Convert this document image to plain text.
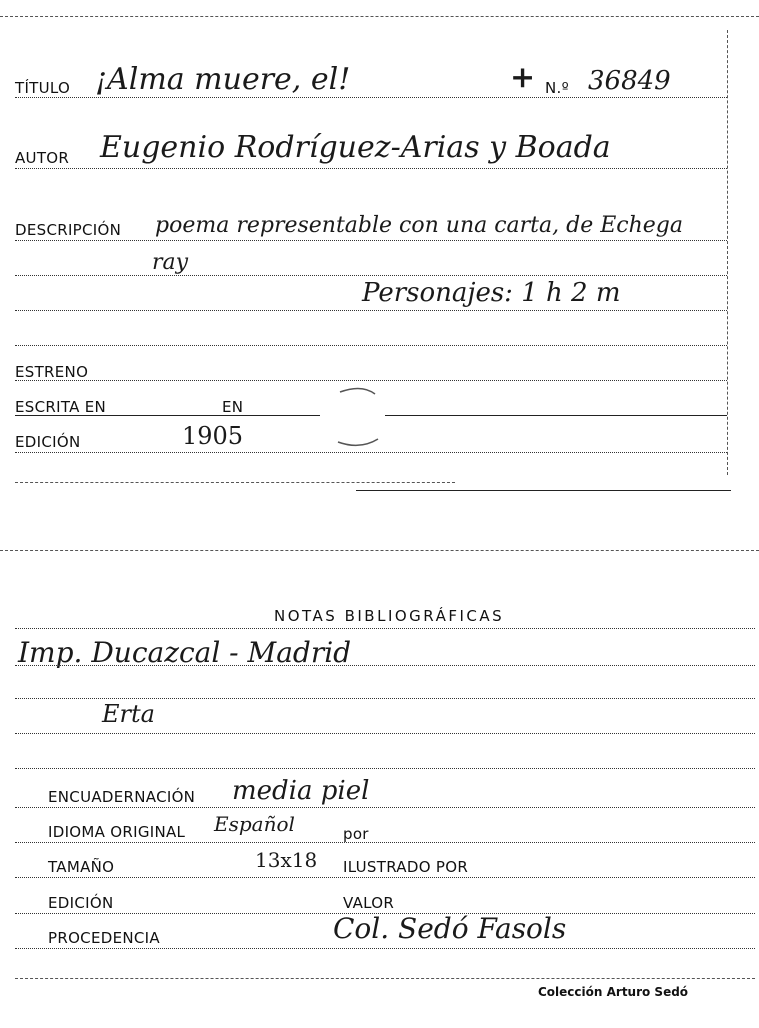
TÍTULO ¡Alma muere, el!	+ N.º 36849
AUTOR Eugenio Rodríguez-Arias y Boada
DESCRIPCIÓN poema representable con una carta, de Echega
ray
Personajes: 1 h 2 m
ESTRENO
ESCRITA EN	EN
EDICIÓN	1905
NOTAS BIBLIOGRÁFICAS
Imp. Ducazcal - Madrid
Erta
ENCUADERNACIÓN media piel
IDIOMA ORIGINAL Español	por
TAMAÑO	13x18 ILUSTRADO POR
EDICIÓN	VALOR
PROCEDENCIA	Col. Sedó Fasols
Colección Arturo Sedó
